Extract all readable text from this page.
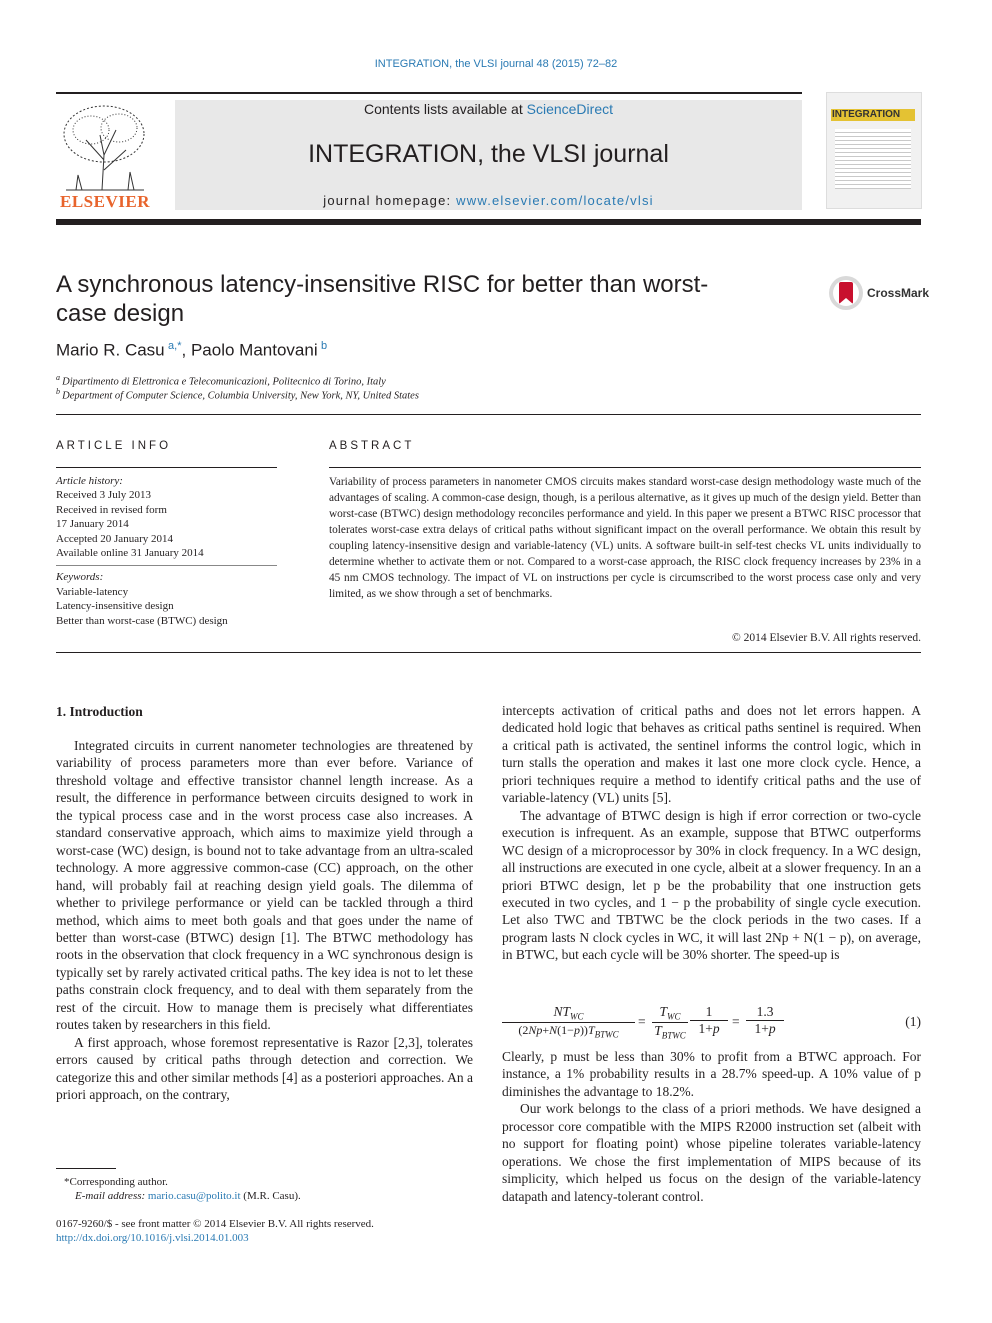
INTEGRATION, the VLSI journal 48 (2015) 72–82
ELSEVIER
Contents lists available at ScienceDirect
INTEGRATION, the VLSI journal
journal homepage: www.elsevier.com/locate/vlsi
INTEGRATION
A synchronous latency-insensitive RISC for better than worst-case design
CrossMark
Mario R. Casu  $^{a,*}$, Paolo Mantovani  $^b$
$^a$  Dipartimento di Elettronica e Telecomunicazioni, Politecnico di Torino, Italy
$^b$  Department of Computer Science, Columbia University, New York, NY, United States
ARTICLE INFO	ABSTRACT
Article history:
Received 3 July 2013
Received in revised form
17 January 2014
Accepted 20 January 2014
Available online 31 January 2014
Keywords:
Variable-latency
Latency-insensitive design
Better than worst-case (BTWC) design
Variability of process parameters in nanometer CMOS circuits makes standard worst-case design methodology waste much of the advantages of scaling. A common-case design, though, is a perilous alternative, as it gives up much of the design yield. Better than worst-case (BTWC) design methodology reconciles performance and yield. In this paper we present a BTWC RISC processor that tolerates worst-case extra delays of critical paths without significant impact on the overall performance. We obtain this result by coupling latency-insensitive design and variable-latency (VL) units. A software built-in self-test checks VL units individually to determine whether to activate them or not. Compared to a worst-case approach, the RISC clock frequency increases by 23% in a 45 nm CMOS technology. The impact of VL on instructions per cycle is circumscribed to the worst process case only and very limited, as we show through a set of benchmarks.
© 2014 Elsevier B.V. All rights reserved.
1. Introduction

Integrated circuits in current nanometer technologies are threatened by variability of process parameters more than ever before. Variance of threshold voltage and effective transistor channel length increase. As a result, the difference in performance between circuits designed to work in the typical process case and in the worst process case also increases. A standard conservative approach, which aims to maximize yield through a worst-case (WC) design, is bound not to take advantage from an ultra-scaled technology. A more aggressive common-case (CC) approach, on the other hand, will probably fail at reaching design yield goals. The dilemma of whether to privilege performance or yield can be tackled through a third method, which aims to meet both goals and that goes under the name of better than worst-case (BTWC) design [1]. The BTWC methodology has roots in the observation that clock frequency in a WC synchronous design is typically set by rarely activated critical paths. The key idea is not to let these paths constrain clock frequency, and to deal with them separately from the rest of the circuit. How to manage them is precisely what differentiates routes taken by researchers in this field.

A first approach, whose foremost representative is Razor [2,3], tolerates errors caused by critical paths through detection and correction. We categorize this and other similar methods [4] as a posteriori approaches. An a priori approach, on the contrary,

intercepts activation of critical paths and does not let errors happen. A dedicated hold logic that behaves as critical paths sentinel is required. When a critical path is activated, the sentinel informs the control logic, which in turn stalls the operation and makes it last one more clock cycle. Hence, a priori techniques require a method to identify critical paths and the use of variable-latency (VL) units [5].

The advantage of BTWC design is high if error correction or two-cycle execution is infrequent. As an example, suppose that BTWC outperforms WC design of a microprocessor by 30% in clock frequency. In a WC design, all instructions are executed in one cycle, albeit at a slower frequency. In an a priori BTWC design, let p be the probability that one instruction gets executed in two cycles, and 1 − p the probability of single cycle execution. Let also TWC and TBTWC be the clock periods in the two cases. If a program lasts N clock cycles in WC, it will last 2Np + N(1 − p), on average, in BTWC, but each cycle will be 30% shorter. The speed-up is

$NT_{WC}$
$(2Np+N(1-p))T_{BTWC}$
=
$T_{WC}$
$T_{BTWC}$
1
1+p =
1.3
1+p	(1)

Clearly, p must be less than 30% to profit from a BTWC approach. For instance, a 1% probability results in a 28.7% speed-up. A 10% value of p diminishes the advantage to 18.2%.

Our work belongs to the class of a priori methods. We have designed a processor core compatible with the MIPS R2000 instruction set (albeit with no support for floating point) whose pipeline tolerates variable-latency operations. We chose the first implementation of MIPS because of its simplicity, which helped us focus on the design of the variable-latency datapath and latency-tolerant control.

*Corresponding author.
E-mail address: mario.casu@polito.it (M.R. Casu).
0167-9260/$ - see front matter © 2014 Elsevier B.V. All rights reserved.
http://dx.doi.org/10.1016/j.vlsi.2014.01.003
